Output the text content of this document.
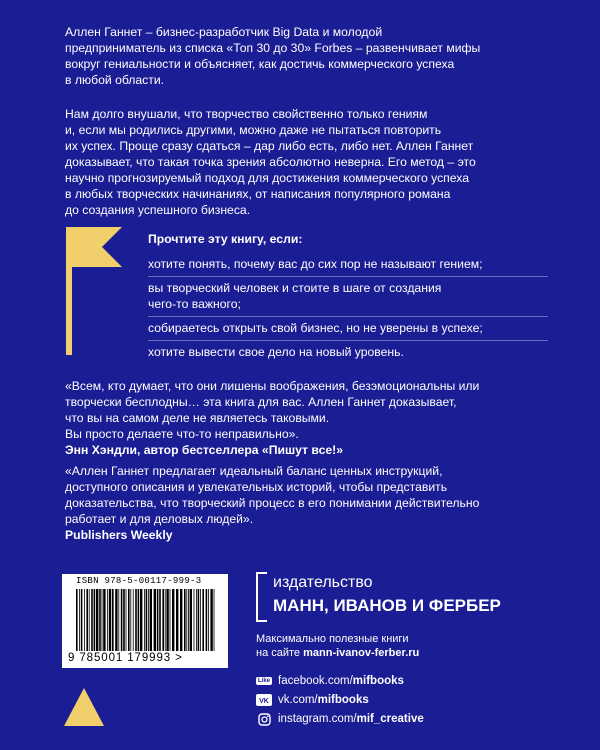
Аллен Ганнет – бизнес-разработчик Big Data и молодой
предприниматель из списка «Топ 30 до 30» Forbes – развенчивает мифы
вокруг гениальности и объясняет, как достичь коммерческого успеха
в любой области.

Нам долго внушали, что творчество свойственно только гениям
и, если мы родились другими, можно даже не пытаться повторить
их успех. Проще сразу сдаться – дар либо есть, либо нет. Аллен Ганнет
доказывает, что такая точка зрения абсолютно неверна. Его метод – это
научно прогнозируемый подход для достижения коммерческого успеха
в любых творческих начинаниях, от написания популярного романа
до создания успешного бизнеса.

Прочтите эту книгу, если:
хотите понять, почему вас до сих пор не называют гением;
вы творческий человек и стоите в шаге от создания
чего-то важного;
собираетесь открыть свой бизнес, но не уверены в успехе;
хотите вывести свое дело на новый уровень.

«Всем, кто думает, что они лишены воображения, безэмоциональны или
творчески бесплодны… эта книга для вас. Аллен Ганнет доказывает,
что вы на самом деле не являетесь таковыми.
Вы просто делаете что-то неправильно».
Энн Хэндли, автор бестселлера «Пишут все!»

«Аллен Ганнет предлагает идеальный баланс ценных инструкций,
доступного описания и увлекательных историй, чтобы представить
доказательства, что творческий процесс в его понимании действительно
работает и для деловых людей».
Publishers Weekly

ISBN 978-5-00117-999-3
9 785001 179993 >
издательство
МАНН, ИВАНОВ И ФЕРБЕР
Максимально полезные книги
на сайте mann-ivanov-ferber.ru
Like facebook.com/ mifbooks
VK vk.com/ mifbooks
instagram.com/ mif_creative
